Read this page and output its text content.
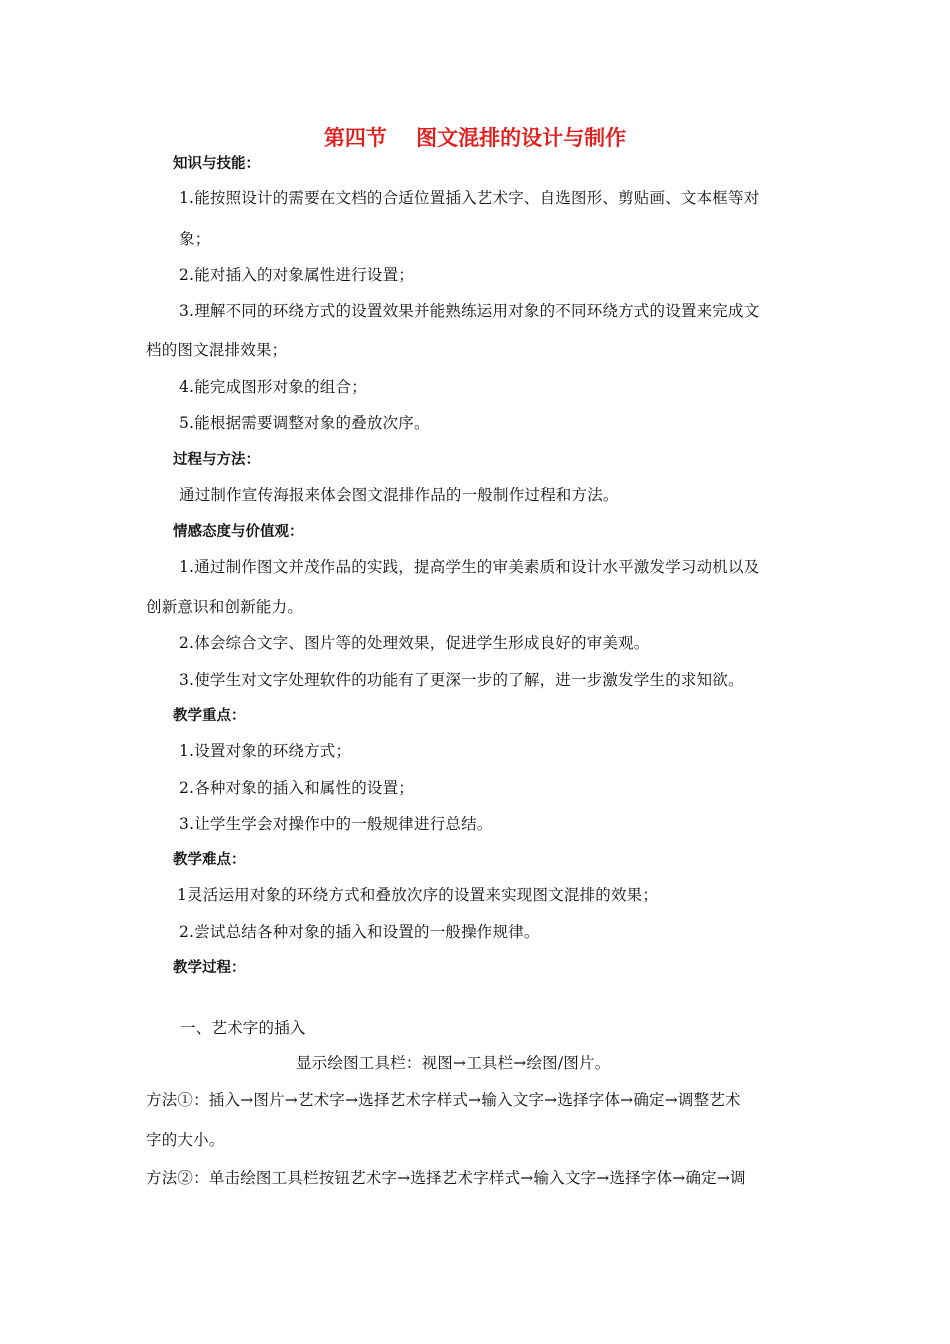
第四节    图文混排的设计与制作
知识与技能：
1.能按照设计的需要在文档的合适位置插入艺术字、自选图形、剪贴画、文本框等对
象；
2.能对插入的对象属性进行设置；
3.理解不同的环绕方式的设置效果并能熟练运用对象的不同环绕方式的设置来完成文
档的图文混排效果；
4.能完成图形对象的组合；
5.能根据需要调整对象的叠放次序。
过程与方法：
通过制作宣传海报来体会图文混排作品的一般制作过程和方法。
情感态度与价值观：
1.通过制作图文并茂作品的实践，提高学生的审美素质和设计水平激发学习动机以及
创新意识和创新能力。
2.体会综合文字、图片等的处理效果，促进学生形成良好的审美观。
3.使学生对文字处理软件的功能有了更深一步的了解，进一步激发学生的求知欲。
教学重点：
1.设置对象的环绕方式；
2.各种对象的插入和属性的设置；
3.让学生学会对操作中的一般规律进行总结。
教学难点：
1灵活运用对象的环绕方式和叠放次序的设置来实现图文混排的效果；
2.尝试总结各种对象的插入和设置的一般操作规律。
教学过程：
一、艺术字的插入
显示绘图工具栏：视图→工具栏→绘图/图片。
方法①：插入→图片→艺术字→选择艺术字样式→输入文字→选择字体→确定→调整艺术
字的大小。
方法②：单击绘图工具栏按钮艺术字→选择艺术字样式→输入文字→选择字体→确定→调
